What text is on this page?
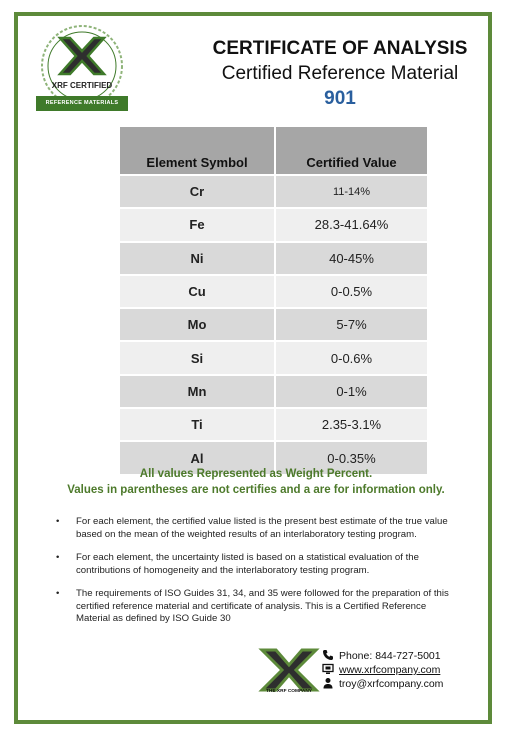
XRF CERTIFIED
REFERENCE MATERIALS
CERTIFICATE OF ANALYSIS
Certified Reference Material
901
Element Symbol	Certified Value
Cr	11-14%
Fe	28.3-41.64%
Ni	40-45%
Cu	0-0.5%
Mo	5-7%
Si	0-0.6%
Mn	0-1%
Ti	2.35-3.1%
Al	0-0.35%
All values Represented as Weight Percent.
Values in parentheses are not certifies and a are for information only.
• For each element, the certified value listed is the present best estimate of the true value based on the mean of the weighted results of an interlaboratory testing program.
• For each element, the uncertainty listed is based on a statistical evaluation of the contributions of homogeneity and the interlaboratory testing program.
• The requirements of ISO Guides 31, 34, and 35 were followed for the preparation of this certified reference material and certificate of analysis. This is a Certified Reference Material as defined by ISO Guide 30
THE XRF COMPANY
Phone: 844-727-5001
www.xrfcompany.com
troy@xrfcompany.com
